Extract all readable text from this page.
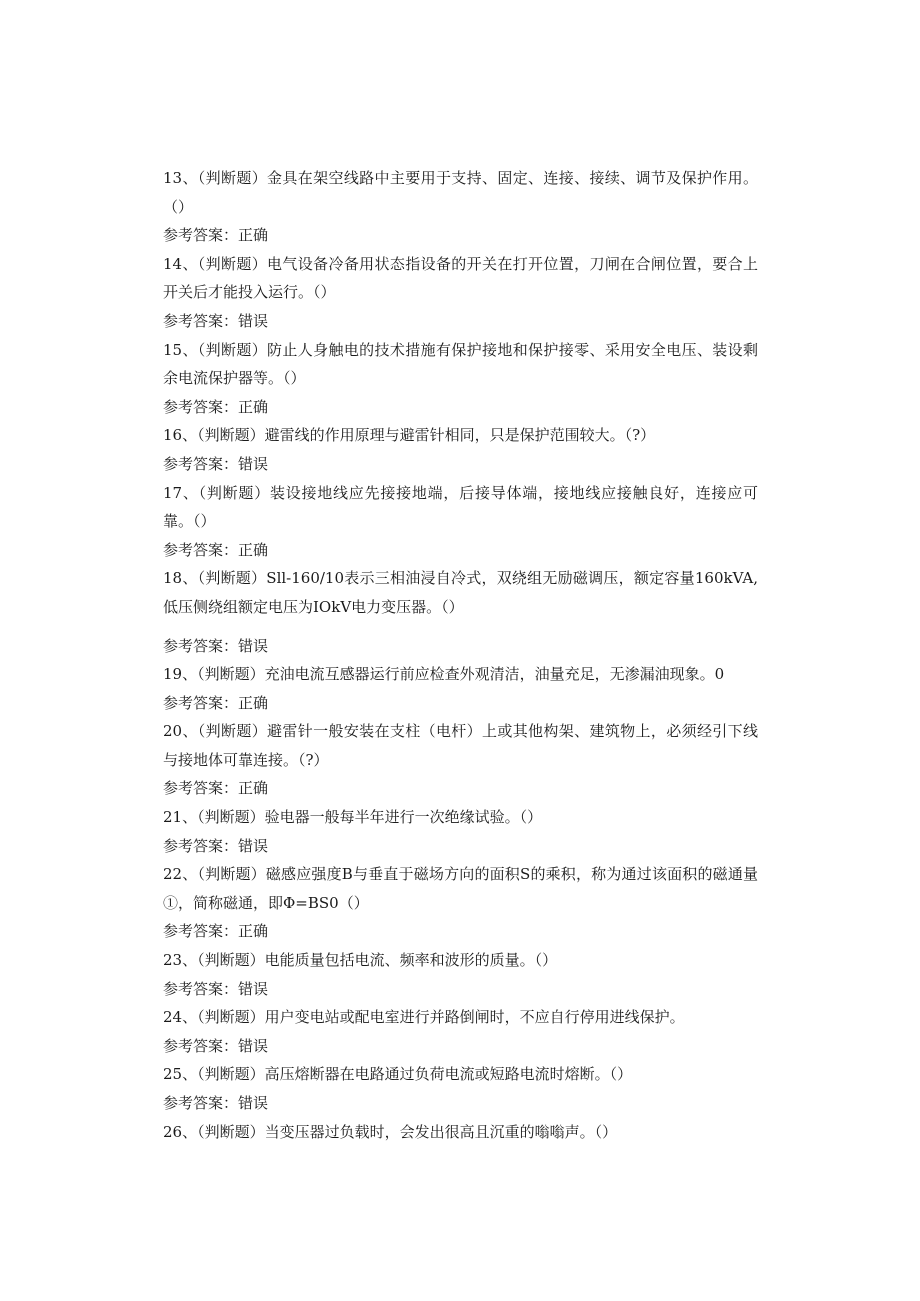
13、（判断题）金具在架空线路中主要用于支持、固定、连接、接续、调节及保护作用。（）

参考答案：正确

14、（判断题）电气设备冷备用状态指设备的开关在打开位置，刀闸在合闸位置，要合上开关后才能投入运行。（）

参考答案：错误

15、（判断题）防止人身触电的技术措施有保护接地和保护接零、采用安全电压、装设剩余电流保护器等。（）

参考答案：正确

16、（判断题）避雷线的作用原理与避雷针相同，只是保护范围较大。（?）

参考答案：错误

17、（判断题）装设接地线应先接接地端，后接导体端，接地线应接触良好，连接应可靠。（）

参考答案：正确

18、（判断题）Sll-160/10表示三相油浸自冷式，双绕组无励磁调压，额定容量160kVA,低压侧绕组额定电压为IOkV电力变压器。（）

参考答案：错误

19、（判断题）充油电流互感器运行前应检查外观清洁，油量充足，无渗漏油现象。0

参考答案：正确

20、（判断题）避雷针一般安装在支柱（电杆）上或其他构架、建筑物上，必须经引下线与接地体可靠连接。（?）

参考答案：正确

21、（判断题）验电器一般每半年进行一次绝缘试验。（）

参考答案：错误

22、（判断题）磁感应强度B与垂直于磁场方向的面积S的乘积，称为通过该面积的磁通量①，简称磁通，即Φ=BS0（）

参考答案：正确

23、（判断题）电能质量包括电流、频率和波形的质量。（）

参考答案：错误

24、（判断题）用户变电站或配电室进行并路倒闸时，不应自行停用进线保护。

参考答案：错误

25、（判断题）高压熔断器在电路通过负荷电流或短路电流时熔断。（）

参考答案：错误

26、（判断题）当变压器过负载时，会发出很高且沉重的嗡嗡声。（）
